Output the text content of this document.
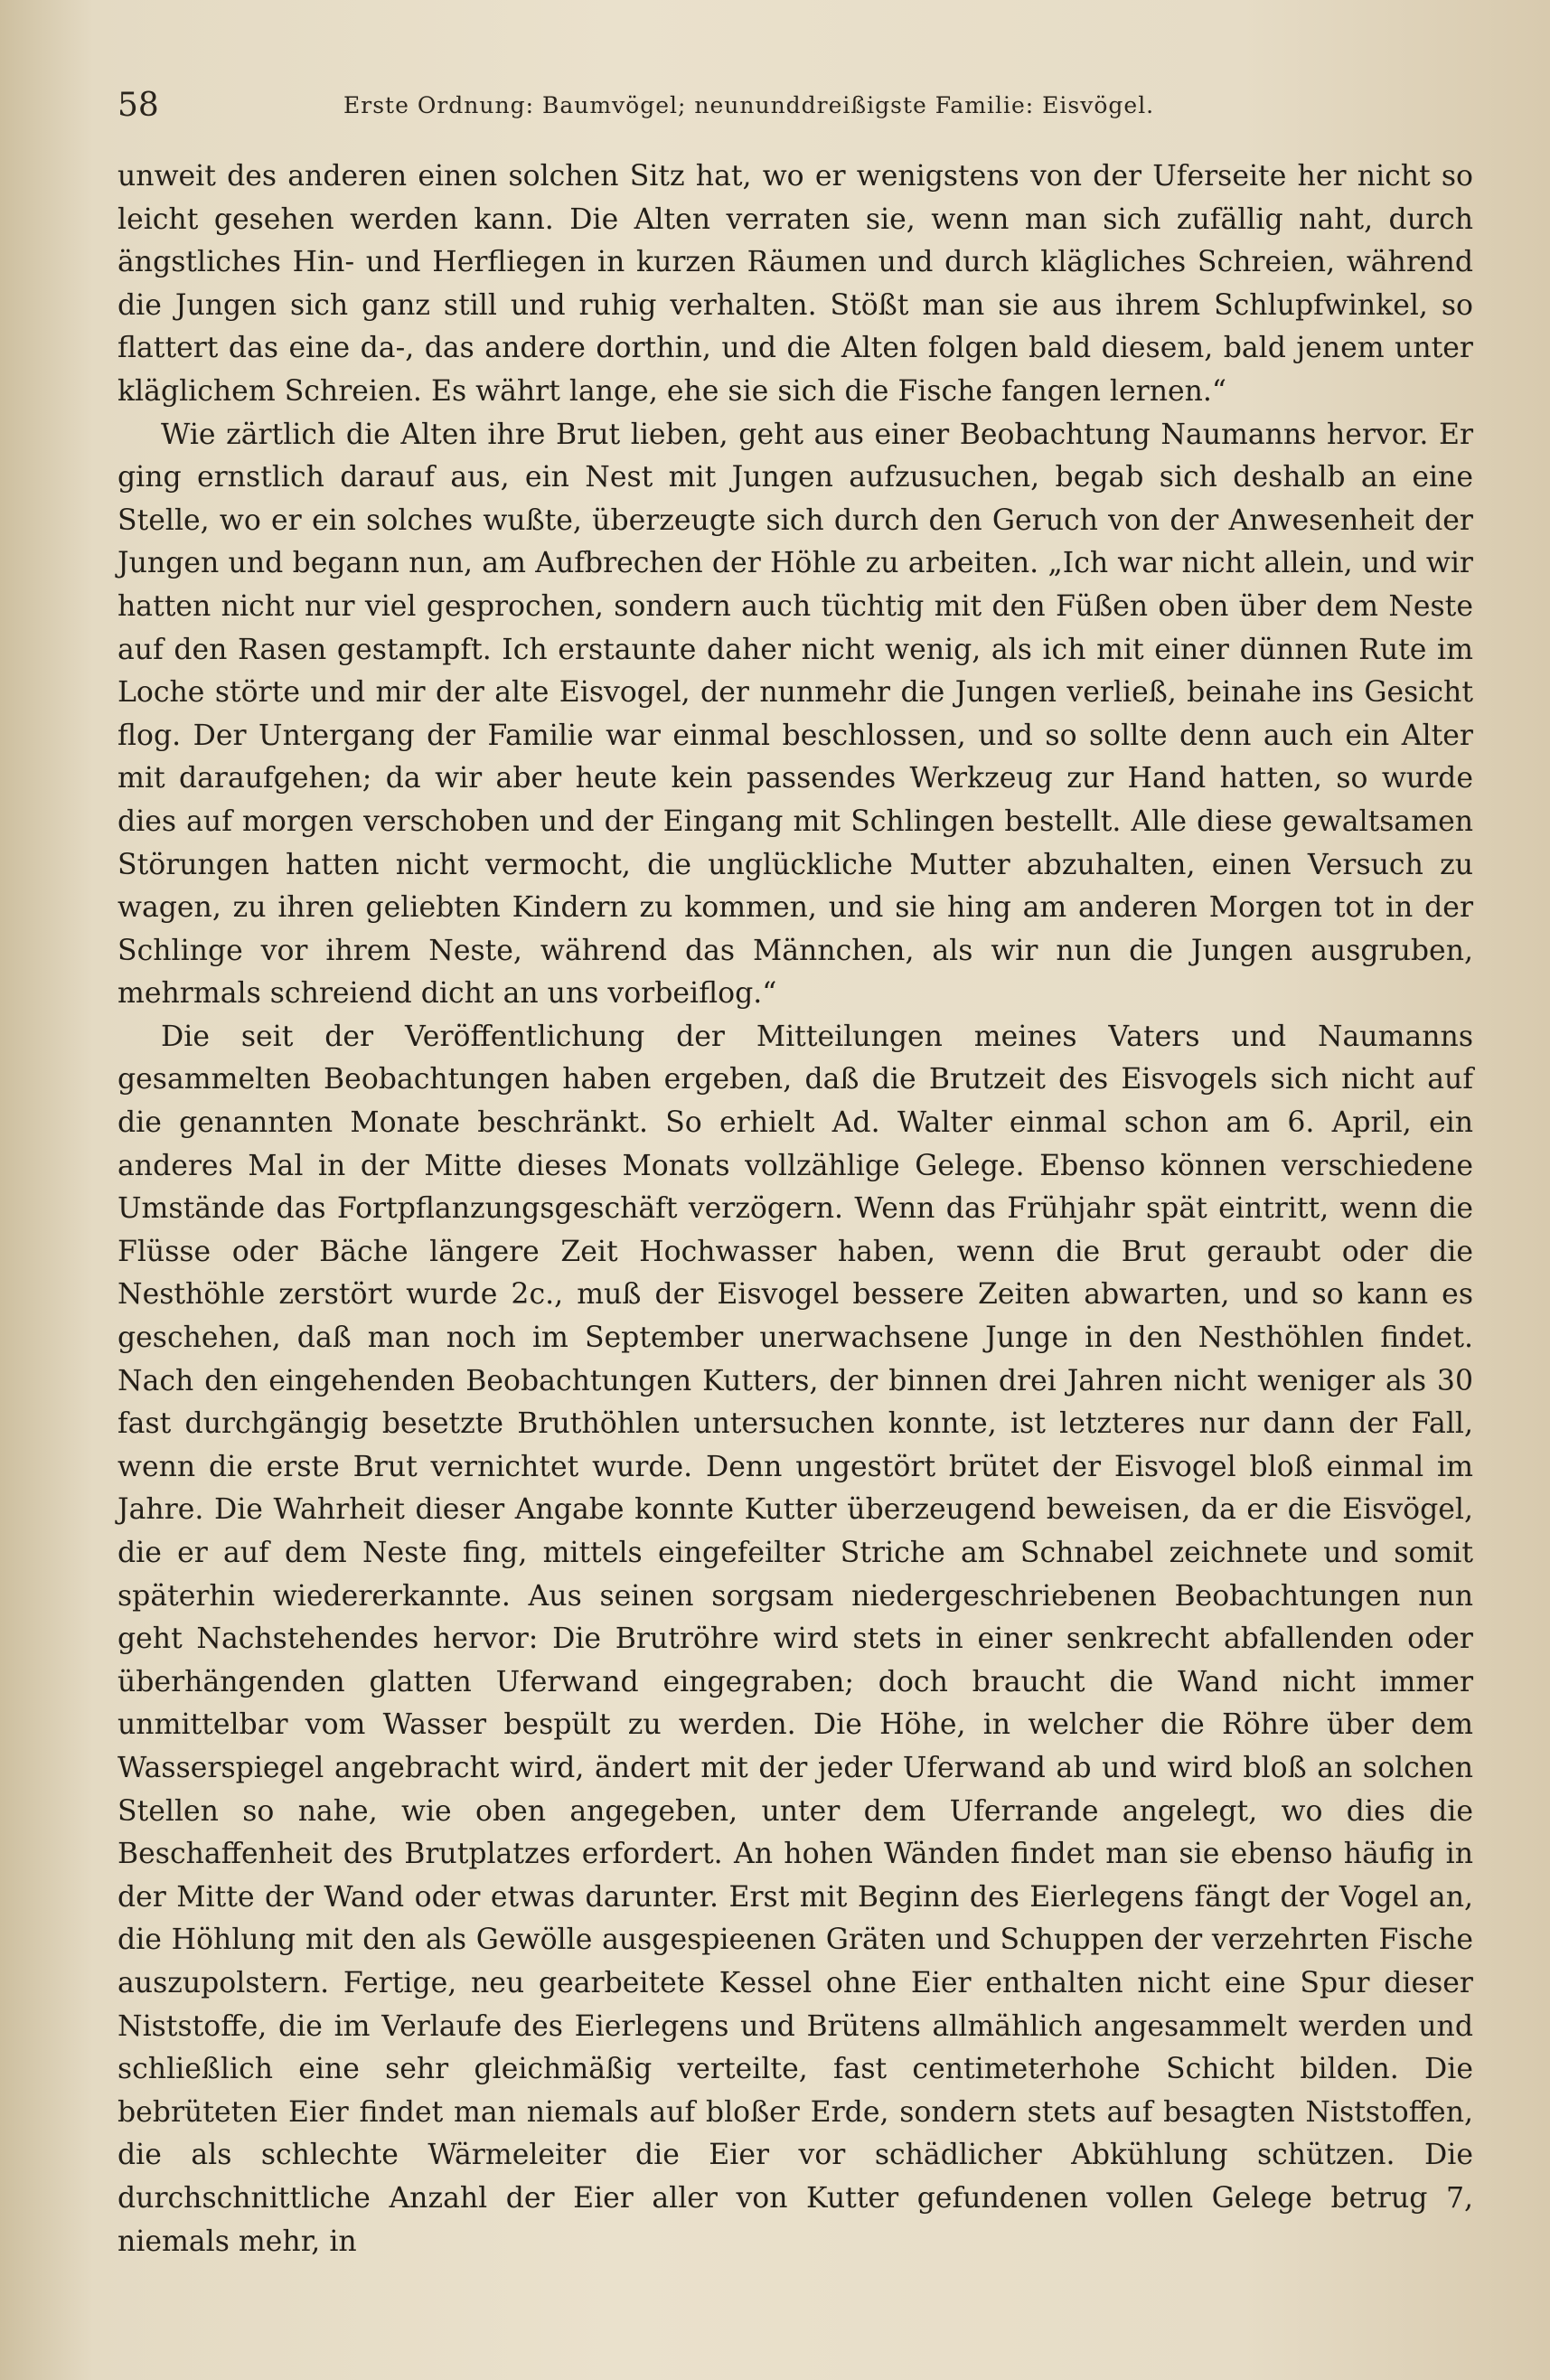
58	Erste Ordnung: Baumvögel; neununddreißigste Familie: Eisvögel.

unweit des anderen einen solchen Sitz hat, wo er wenigstens von der Uferseite her nicht so leicht gesehen werden kann. Die Alten verraten sie, wenn man sich zufällig naht, durch ängstliches Hin- und Herfliegen in kurzen Räumen und durch klägliches Schreien, während die Jungen sich ganz still und ruhig verhalten. Stößt man sie aus ihrem Schlupfwinkel, so flattert das eine da-, das andere dorthin, und die Alten folgen bald diesem, bald jenem unter kläglichem Schreien. Es währt lange, ehe sie sich die Fische fangen lernen.“

Wie zärtlich die Alten ihre Brut lieben, geht aus einer Beobachtung Naumanns hervor. Er ging ernstlich darauf aus, ein Nest mit Jungen aufzusuchen, begab sich deshalb an eine Stelle, wo er ein solches wußte, überzeugte sich durch den Geruch von der Anwesenheit der Jungen und begann nun, am Aufbrechen der Höhle zu arbeiten. „Ich war nicht allein, und wir hatten nicht nur viel gesprochen, sondern auch tüchtig mit den Füßen oben über dem Neste auf den Rasen gestampft. Ich erstaunte daher nicht wenig, als ich mit einer dünnen Rute im Loche störte und mir der alte Eisvogel, der nunmehr die Jungen verließ, beinahe ins Gesicht flog. Der Untergang der Familie war einmal beschlossen, und so sollte denn auch ein Alter mit daraufgehen; da wir aber heute kein passendes Werkzeug zur Hand hatten, so wurde dies auf morgen verschoben und der Eingang mit Schlingen bestellt. Alle diese gewaltsamen Störungen hatten nicht vermocht, die unglückliche Mutter abzuhalten, einen Versuch zu wagen, zu ihren geliebten Kindern zu kommen, und sie hing am anderen Morgen tot in der Schlinge vor ihrem Neste, während das Männchen, als wir nun die Jungen ausgruben, mehrmals schreiend dicht an uns vorbeiflog.“

Die seit der Veröffentlichung der Mitteilungen meines Vaters und Naumanns gesammelten Beobachtungen haben ergeben, daß die Brutzeit des Eisvogels sich nicht auf die genannten Monate beschränkt. So erhielt Ad. Walter einmal schon am 6. April, ein anderes Mal in der Mitte dieses Monats vollzählige Gelege. Ebenso können verschiedene Umstände das Fortpflanzungsgeschäft verzögern. Wenn das Frühjahr spät eintritt, wenn die Flüsse oder Bäche längere Zeit Hochwasser haben, wenn die Brut geraubt oder die Nesthöhle zerstört wurde 2c., muß der Eisvogel bessere Zeiten abwarten, und so kann es geschehen, daß man noch im September unerwachsene Junge in den Nesthöhlen findet. Nach den eingehenden Beobachtungen Kutters, der binnen drei Jahren nicht weniger als 30 fast durchgängig besetzte Bruthöhlen untersuchen konnte, ist letzteres nur dann der Fall, wenn die erste Brut vernichtet wurde. Denn ungestört brütet der Eisvogel bloß einmal im Jahre. Die Wahrheit dieser Angabe konnte Kutter überzeugend beweisen, da er die Eisvögel, die er auf dem Neste fing, mittels eingefeilter Striche am Schnabel zeichnete und somit späterhin wiedererkannte. Aus seinen sorgsam niedergeschriebenen Beobachtungen nun geht Nachstehendes hervor: Die Brutröhre wird stets in einer senkrecht abfallenden oder überhängenden glatten Uferwand eingegraben; doch braucht die Wand nicht immer unmittelbar vom Wasser bespült zu werden. Die Höhe, in welcher die Röhre über dem Wasserspiegel angebracht wird, ändert mit der jeder Uferwand ab und wird bloß an solchen Stellen so nahe, wie oben angegeben, unter dem Uferrande angelegt, wo dies die Beschaffenheit des Brutplatzes erfordert. An hohen Wänden findet man sie ebenso häufig in der Mitte der Wand oder etwas darunter. Erst mit Beginn des Eierlegens fängt der Vogel an, die Höhlung mit den als Gewölle ausgespieenen Gräten und Schuppen der verzehrten Fische auszupolstern. Fertige, neu gearbeitete Kessel ohne Eier enthalten nicht eine Spur dieser Niststoffe, die im Verlaufe des Eierlegens und Brütens allmählich angesammelt werden und schließlich eine sehr gleichmäßig verteilte, fast centimeterhohe Schicht bilden. Die bebrüteten Eier findet man niemals auf bloßer Erde, sondern stets auf besagten Niststoffen, die als schlechte Wärmeleiter die Eier vor schädlicher Abkühlung schützen. Die durchschnittliche Anzahl der Eier aller von Kutter gefundenen vollen Gelege betrug 7, niemals mehr, in
